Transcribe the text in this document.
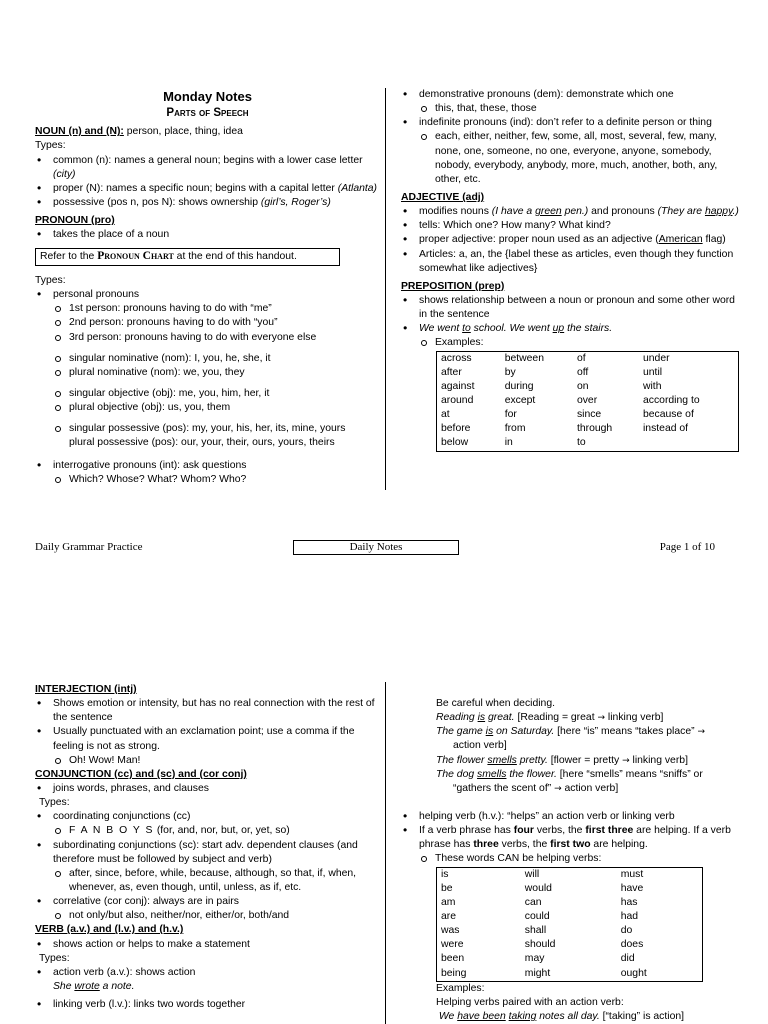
Monday Notes

Parts of Speech

NOUN (n) and (N): person, place, thing, idea

Types:

• common (n): names a general noun; begins with a lower case letter (city)
• proper (N): names a specific noun; begins with a capital letter (Atlanta)
• possessive (pos n, pos N): shows ownership (girl’s, Roger’s)

PRONOUN (pro)

• takes the place of a noun
Refer to the Pronoun Chart at the end of this handout.

Types:

• personal pronouns
1st person: pronouns having to do with “me”
2nd person: pronouns having to do with “you”
3rd person: pronouns having to do with everyone else
singular nominative (nom): I, you, he, she, it
plural nominative (nom): we, you, they
singular objective (obj): me, you, him, her, it
plural objective (obj): us, you, them
singular possessive (pos): my, your, his, her, its, mine, yours
plural possessive (pos): our, your, their, ours, yours, theirs
• interrogative pronouns (int): ask questions
Which? Whose? What? Whom? Who?
• demonstrative pronouns (dem): demonstrate which one
this, that, these, those
• indefinite pronouns (ind): don’t refer to a definite person or thing
each, either, neither, few, some, all, most, several, few, many, none, one, someone, no one, everyone, anyone, somebody, nobody, everybody, anybody, more, much, another, both, any, other, etc.

ADJECTIVE (adj)

• modifies nouns (I have a green pen.) and pronouns (They are happy.)
• tells: Which one? How many? What kind?
• proper adjective: proper noun used as an adjective (American flag)
• Articles: a, an, the {label these as articles, even though they function somewhat like adjectives}

PREPOSITION (prep)

• shows relationship between a noun or pronoun and some other word in the sentence
• We went to school. We went up the stairs.
Examples:
across	between	of	under
after	by	off	until
against	during	on	with
around	except	over	according to
at	for	since	because of
before	from	through	instead of
below	in	to	
Daily Grammar Practice	Daily Notes	Page 1 of 10

INTERJECTION (intj)

• Shows emotion or intensity, but has no real connection with the rest of the sentence
• Usually punctuated with an exclamation point; use a comma if the feeling is not as strong.
Oh! Wow! Man!

CONJUNCTION (cc) and (sc) and (cor conj)

• joins words, phrases, and clauses

Types:

• coordinating conjunctions (cc)
F A N B O Y S (for, and, nor, but, or, yet, so)
• subordinating conjunctions (sc): start adv. dependent clauses (and therefore must be followed by subject and verb)
after, since, before, while, because, although, so that, if, when, whenever, as, even though, until, unless, as if, etc.
• correlative (cor conj): always are in pairs
not only/but also, neither/nor, either/or, both/and

VERB (a.v.) and (l.v.) and (h.v.)

• shows action or helps to make a statement

Types:

• action verb (a.v.): shows action
She wrote a note.
• linking verb (l.v.): links two words together

Be careful when deciding.

Reading is great. [Reading = great → linking verb]

The game is on Saturday. [here “is” means “takes place” →
action verb]

The flower smells pretty. [flower = pretty → linking verb]

The dog smells the flower. [here “smells” means “sniffs” or “gathers the scent of” → action verb]

• helping verb (h.v.): “helps” an action verb or linking verb
• If a verb phrase has four verbs, the first three are helping. If a verb phrase has three verbs, the first two are helping.
These words CAN be helping verbs:
is	will	must
be	would	have
am	can	has
are	could	had
was	shall	do
were	should	does
been	may	did
being	might	ought

Examples:

Helping verbs paired with an action verb:

We have been taking notes all day. [“taking” is action]
